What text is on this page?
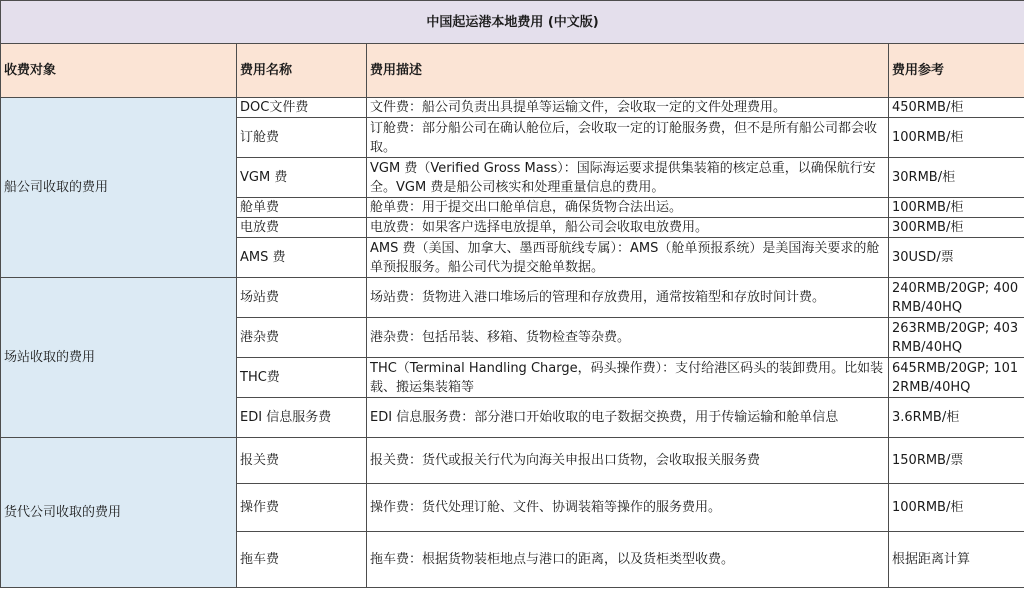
中国起运港本地费用 (中文版)			
收费对象	费用名称	费用描述	费用参考
船公司收取的费用	DOC文件费	文件费：船公司负责出具提单等运输文件，会收取一定的文件处理费用。	450RMB/柜
	订舱费	订舱费：部分船公司在确认舱位后，会收取一定的订舱服务费，但不是所有船公司都会收取。	100RMB/柜
	VGM 费	VGM 费（Verified Gross Mass）：国际海运要求提供集装箱的核定总重，以确保航行安全。VGM 费是船公司核实和处理重量信息的费用。	30RMB/柜
	舱单费	舱单费：用于提交出口舱单信息，确保货物合法出运。	100RMB/柜
	电放费	电放费：如果客户选择电放提单，船公司会收取电放费用。	300RMB/柜
	AMS 费	AMS 费（美国、加拿大、墨西哥航线专属）：AMS（舱单预报系统）是美国海关要求的舱单预报服务。船公司代为提交舱单数据。	30USD/票
场站收取的费用	场站费	场站费：货物进入港口堆场后的管理和存放费用，通常按箱型和存放时间计费。	240RMB/20GP; 400RMB/40HQ
	港杂费	港杂费：包括吊装、移箱、货物检查等杂费。	263RMB/20GP; 403RMB/40HQ
	THC费	THC（Terminal Handling Charge，码头操作费）：支付给港区码头的装卸费用。比如装载、搬运集装箱等	645RMB/20GP; 1012RMB/40HQ
	EDI 信息服务费	EDI 信息服务费：部分港口开始收取的电子数据交换费，用于传输运输和舱单信息	3.6RMB/柜
货代公司收取的费用	报关费	报关费：货代或报关行代为向海关申报出口货物，会收取报关服务费	150RMB/票
	操作费	操作费：货代处理订舱、文件、协调装箱等操作的服务费用。	100RMB/柜
	拖车费	拖车费：根据货物装柜地点与港口的距离，以及货柜类型收费。	根据距离计算
